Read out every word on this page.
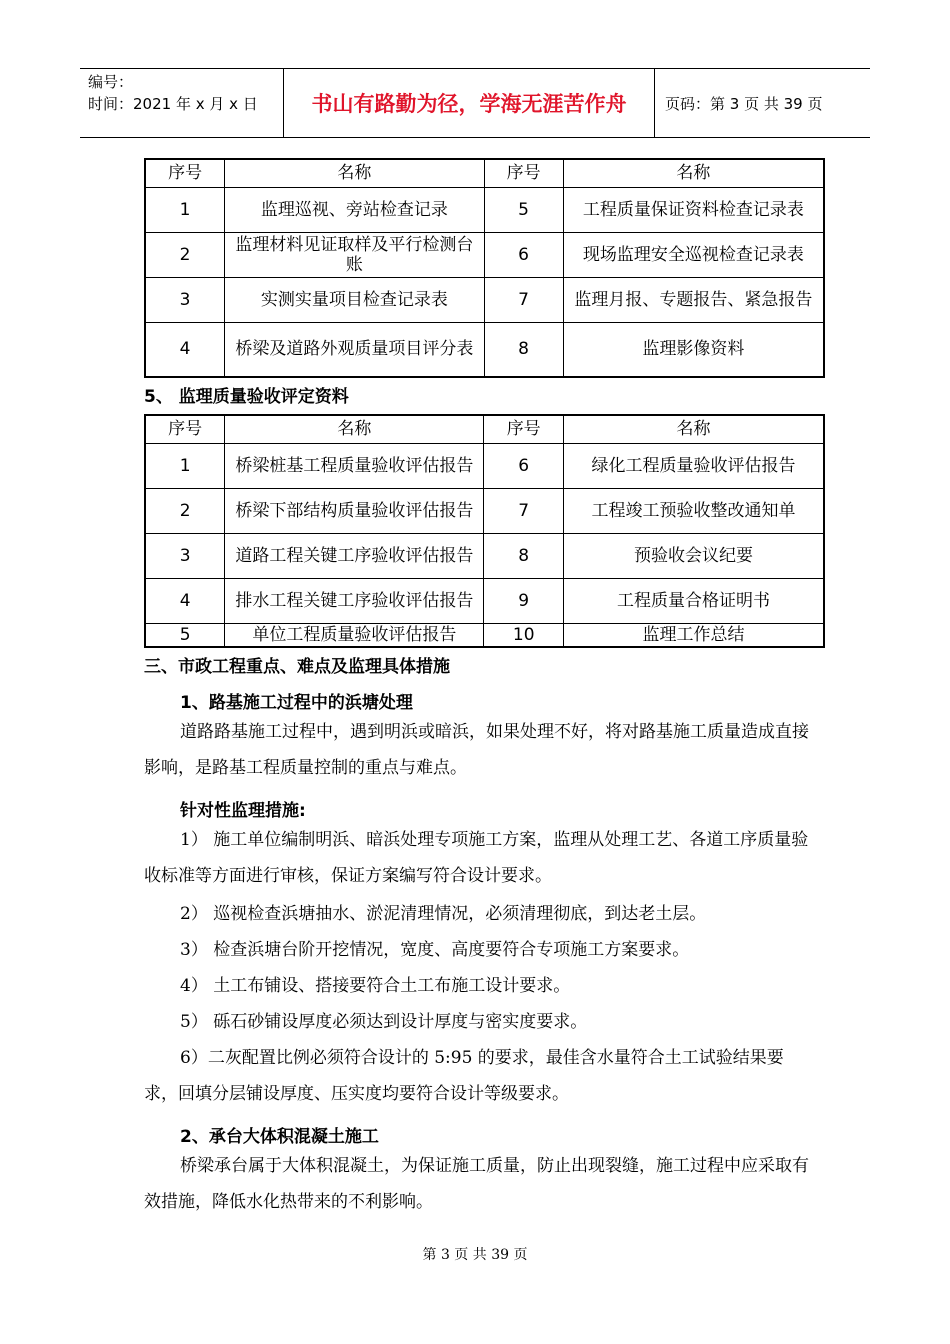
编号：
时间：2021 年 x 月 x 日	书山有路勤为径，学海无涯苦作舟	页码：第 3 页 共 39 页
序号	名称	序号	名称
1	监理巡视、旁站检查记录	5	工程质量保证资料检查记录表
2	监理材料见证取样及平行检测台账	6	现场监理安全巡视检查记录表
3	实测实量项目检查记录表	7	监理月报、专题报告、紧急报告
4	桥梁及道路外观质量项目评分表	8	监理影像资料
5、 监理质量验收评定资料
序号	名称	序号	名称
1	桥梁桩基工程质量验收评估报告	6	绿化工程质量验收评估报告
2	桥梁下部结构质量验收评估报告	7	工程竣工预验收整改通知单
3	道路工程关键工序验收评估报告	8	预验收会议纪要
4	排水工程关键工序验收评估报告	9	工程质量合格证明书
5	单位工程质量验收评估报告	10	监理工作总结
三、市政工程重点、难点及监理具体措施
1、路基施工过程中的浜塘处理
道路路基施工过程中，遇到明浜或暗浜，如果处理不好，将对路基施工质量造成直接影响，是路基工程质量控制的重点与难点。
针对性监理措施:
1） 施工单位编制明浜、暗浜处理专项施工方案，监理从处理工艺、各道工序质量验收标准等方面进行审核，保证方案编写符合设计要求。
2） 巡视检查浜塘抽水、淤泥清理情况，必须清理彻底，到达老土层。
3） 检查浜塘台阶开挖情况，宽度、高度要符合专项施工方案要求。
4） 土工布铺设、搭接要符合土工布施工设计要求。
5） 砾石砂铺设厚度必须达到设计厚度与密实度要求。
6）二灰配置比例必须符合设计的 5:95 的要求，最佳含水量符合土工试验结果要求，回填分层铺设厚度、压实度均要符合设计等级要求。
2、承台大体积混凝土施工
桥梁承台属于大体积混凝土，为保证施工质量，防止出现裂缝，施工过程中应采取有效措施，降低水化热带来的不利影响。
第 3 页 共 39 页
